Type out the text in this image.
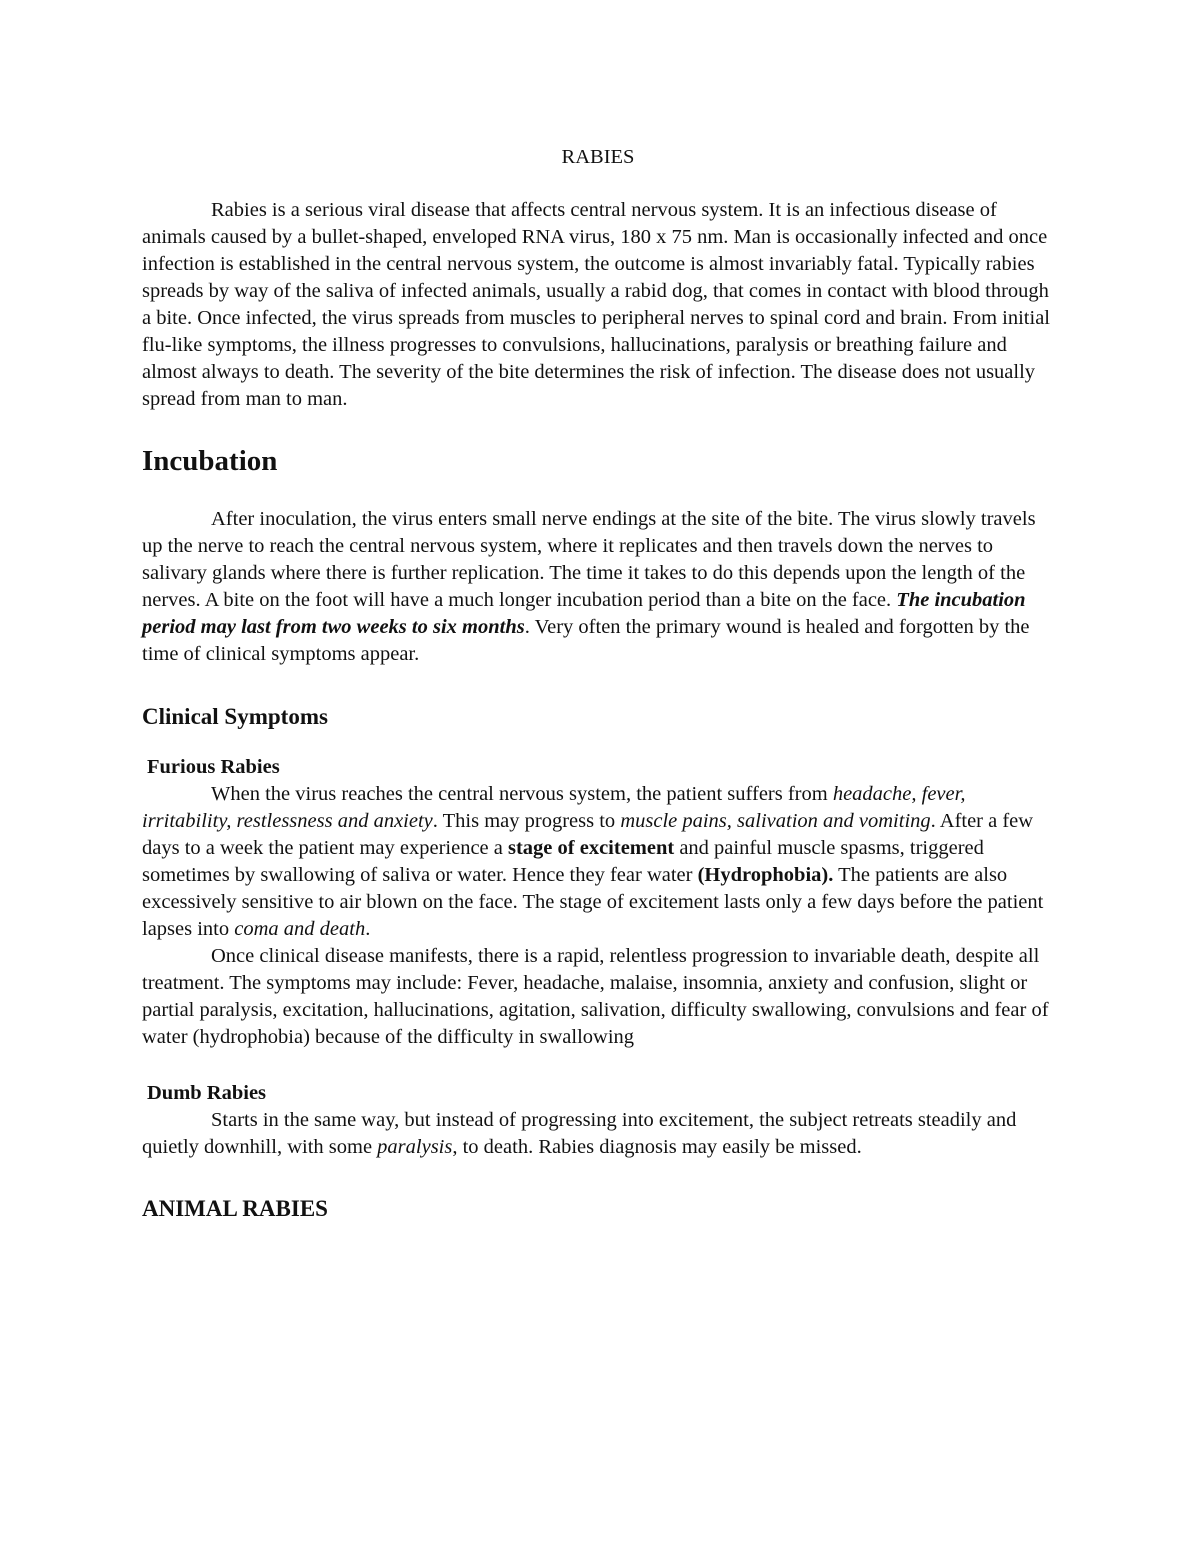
RABIES

Rabies is a serious viral disease that affects central nervous system. It is an infectious disease of animals caused by a bullet-shaped, enveloped RNA virus, 180 x 75 nm. Man is occasionally infected and once infection is established in the central nervous system, the outcome is almost invariably fatal. Typically rabies spreads by way of the saliva of infected animals, usually a rabid dog, that comes in contact with blood through a bite. Once infected, the virus spreads from muscles to peripheral nerves to spinal cord and brain. From initial flu-like symptoms, the illness progresses to convulsions, hallucinations, paralysis or breathing failure and almost always to death. The severity of the bite determines the risk of infection. The disease does not usually spread from man to man.

Incubation

After inoculation, the virus enters small nerve endings at the site of the bite. The virus slowly travels up the nerve to reach the central nervous system, where it replicates and then travels down the nerves to salivary glands where there is further replication. The time it takes to do this depends upon the length of the nerves. A bite on the foot will have a much longer incubation period than a bite on the face. The incubation period may last from two weeks to six months. Very often the primary wound is healed and forgotten by the time of clinical symptoms appear.

Clinical Symptoms
Furious Rabies

When the virus reaches the central nervous system, the patient suffers from headache, fever, irritability, restlessness and anxiety. This may progress to muscle pains, salivation and vomiting. After a few days to a week the patient may experience a stage of excitement and painful muscle spasms, triggered sometimes by swallowing of saliva or water. Hence they fear water (Hydrophobia). The patients are also excessively sensitive to air blown on the face. The stage of excitement lasts only a few days before the patient lapses into coma and death.

Once clinical disease manifests, there is a rapid, relentless progression to invariable death, despite all treatment. The symptoms may include: Fever, headache, malaise, insomnia, anxiety and confusion, slight or partial paralysis, excitation, hallucinations, agitation, salivation, difficulty swallowing, convulsions and fear of water (hydrophobia) because of the difficulty in swallowing

Dumb Rabies

Starts in the same way, but instead of progressing into excitement, the subject retreats steadily and quietly downhill, with some paralysis, to death. Rabies diagnosis may easily be missed.

ANIMAL RABIES
